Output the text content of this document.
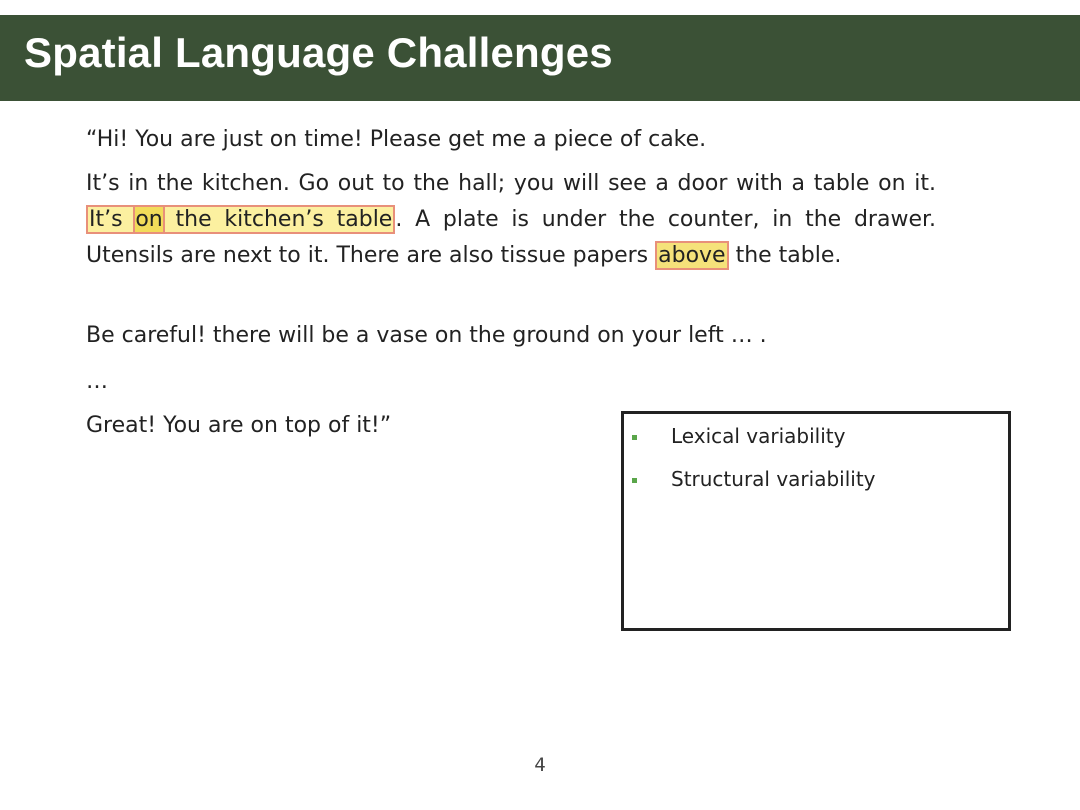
Spatial Language Challenges
“Hi! You are just on time! Please get me a piece of cake.
It’s in the kitchen. Go out to the hall; you will see a door with a table on it. It’s on the kitchen’s table . A plate is under the counter, in the drawer. Utensils are next to it. There are also tissue papers above the table.
Be careful! there will be a vase on the ground on your left … .
…
Great! You are on top of it!”	Lexical variability
Structural variability
4
